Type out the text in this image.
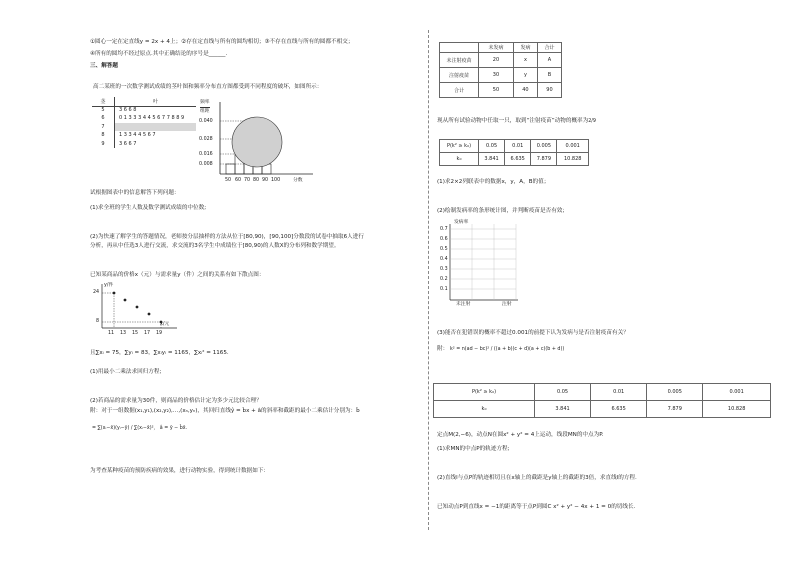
①圆心一定在定直线y = 2x + 4上；②存在定直线与所有的圆均相切；③不存在直线与所有的圆都不相交；
④所有的圆均不经过原点.其中正确结论的序号是______.
三、解答题
高二某班的一次数学测试成绩的茎叶图和频率分布直方图都受到不同程度的破坏，如图所示：
茎	叶
5	3 6 6 8
6	0 1 3 3 3 4 4 5 6 7 7 8 8 9
7	
8	1 3 3 4 4 5 6 7
9	3 6 6 7
频率
组距
0.040
0.028
0.016
0.008
50 60 70 80 90 100	分数
试根据图表中的信息解答下列问题：
(1)求全班的学生人数及数学测试成绩的中位数;
(2)为快速了解学生的答题情况，老师按分层抽样的方法从位于[80,90)，[90,100]分数段的试卷中抽取6人进行
分析，再从中任选3人进行交流，求交流的3名学生中成绩位于[80,90)的人数X的分布列和数学期望。
已知某商品的价格x（元）与需求量y（件）之间的关系有如下散点图：
24
8
y/件
11 13 15 17 19
x/元
且∑xᵢ = 75，∑yᵢ = 83，∑xᵢyᵢ = 1165，∑xᵢ² = 1165.
(1)用最小二乘法求回归方程;
(2)若商品的需求量为30件，则商品的价格估计定为多少元比较合理？
附：对于一组数据(x₁,y₁),(x₂,y₂),…,(xₙ,yₙ)，其回归直线ŷ = b̂x + â的斜率和截距的最小二乘估计分别为：b̂
= ∑(xᵢ−x̄)(yᵢ−ȳ) / ∑(xᵢ−x̄)²， â = ȳ − b̂x̄.
为考查某种疫苗的预防疾病的效果，进行动物实验，得到统计数据如下：
	未发病	发病	合计
未注射疫苗	20	x	A
注射疫苗	30	y	B
合计	50	40	90
现从所有试验动物中任取一只，取到“注射疫苗”动物的概率为2/9
P(k² ≥ k₀)	0.05	0.01	0.005	0.001
k₀	3.841	6.635	7.879	10.828
(1)求2×2列联表中的数据x，y，A，B的值；
(2)绘制发病率的条形统计图，并判断疫苗是否有效；
发病率
0.7
0.6
0.5
0.4
0.3
0.2
0.1
未注射	注射
(3)能否在犯错误的概率不超过0.001的前提下认为发病与是否注射疫苗有关？
附： k² = n(ad − bc)² / ((a + b)(c + d)(a + c)(b + d))
P(k² ≥ k₀)	0.05	0.01	0.005	0.001
k₀	3.841	6.635	7.879	10.828
定点M(2,−6)，动点N在圆x² + y² = 4上运动，线段MN的中点为P.
(1)求MN的中点P的轨迹方程;
(2)直线l与点P的轨迹相切且在x轴上的截距是y轴上的截距的3倍，求直线l的方程.
已知动点P到直线x = −1的距离等于点P到圆C x² + y² − 4x + 1 = 0的切线长.
